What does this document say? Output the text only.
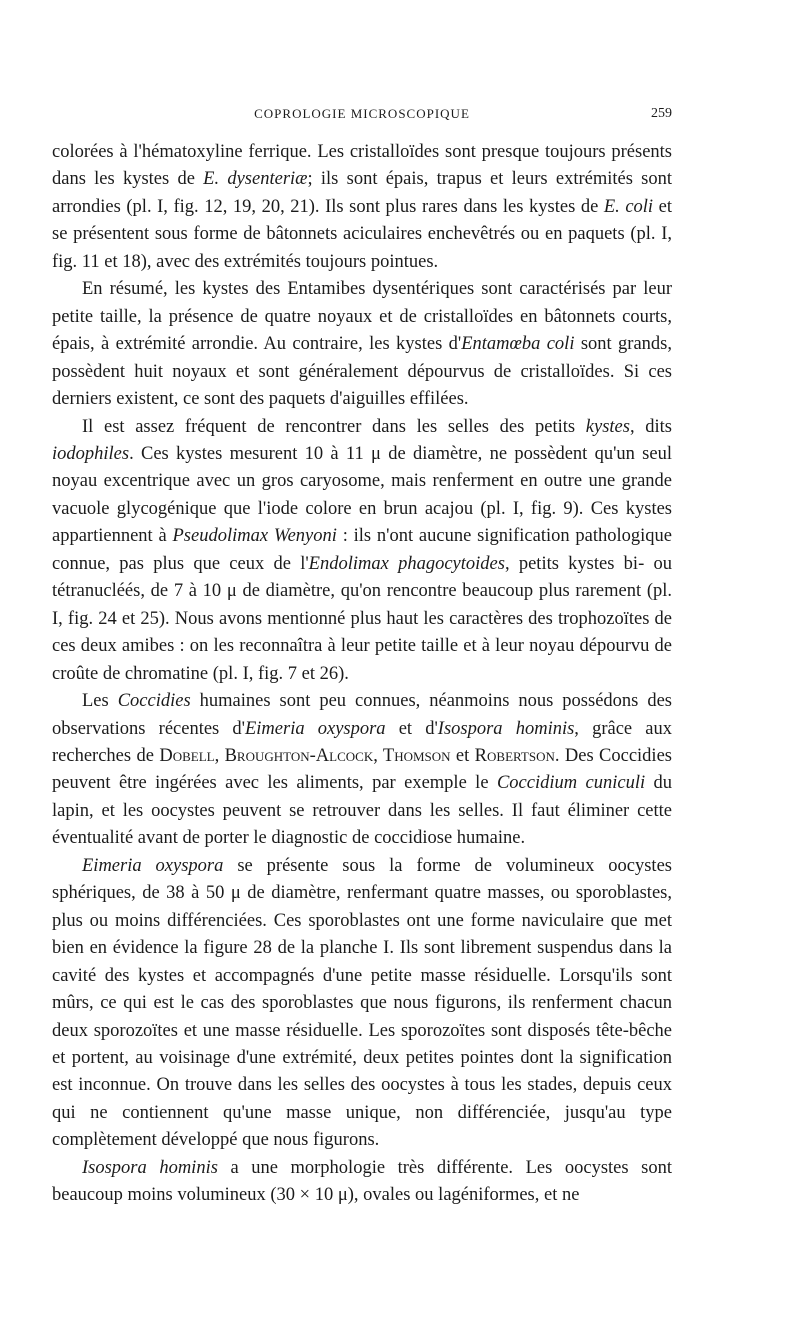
COPROLOGIE MICROSCOPIQUE	259

colorées à l'hématoxyline ferrique. Les cristalloïdes sont presque toujours présents dans les kystes de E. dysenteriæ; ils sont épais, trapus et leurs extrémités sont arrondies (pl. I, fig. 12, 19, 20, 21). Ils sont plus rares dans les kystes de E. coli et se présentent sous forme de bâtonnets aciculaires enchevêtrés ou en paquets (pl. I, fig. 11 et 18), avec des extrémités toujours pointues.

En résumé, les kystes des Entamibes dysentériques sont caractérisés par leur petite taille, la présence de quatre noyaux et de cristalloïdes en bâtonnets courts, épais, à extrémité arrondie. Au contraire, les kystes d'Entamœba coli sont grands, possèdent huit noyaux et sont généralement dépourvus de cristalloïdes. Si ces derniers existent, ce sont des paquets d'aiguilles effilées.

Il est assez fréquent de rencontrer dans les selles des petits kystes, dits iodophiles. Ces kystes mesurent 10 à 11 μ de diamètre, ne possèdent qu'un seul noyau excentrique avec un gros caryosome, mais renferment en outre une grande vacuole glycogénique que l'iode colore en brun acajou (pl. I, fig. 9). Ces kystes appartiennent à Pseudolimax Wenyoni : ils n'ont aucune signification pathologique connue, pas plus que ceux de l'Endolimax phagocytoides, petits kystes bi- ou tétranucléés, de 7 à 10 μ de diamètre, qu'on rencontre beaucoup plus rarement (pl. I, fig. 24 et 25). Nous avons mentionné plus haut les caractères des trophozoïtes de ces deux amibes : on les reconnaîtra à leur petite taille et à leur noyau dépourvu de croûte de chromatine (pl. I, fig. 7 et 26).

Les Coccidies humaines sont peu connues, néanmoins nous possédons des observations récentes d'Eimeria oxyspora et d'Isospora hominis, grâce aux recherches de Dobell, Broughton-Alcock, Thomson et Robertson. Des Coccidies peuvent être ingérées avec les aliments, par exemple le Coccidium cuniculi du lapin, et les oocystes peuvent se retrouver dans les selles. Il faut éliminer cette éventualité avant de porter le diagnostic de coccidiose humaine.

Eimeria oxyspora se présente sous la forme de volumineux oocystes sphériques, de 38 à 50 μ de diamètre, renfermant quatre masses, ou sporoblastes, plus ou moins différenciées. Ces sporoblastes ont une forme naviculaire que met bien en évidence la figure 28 de la planche I. Ils sont librement suspendus dans la cavité des kystes et accompagnés d'une petite masse résiduelle. Lorsqu'ils sont mûrs, ce qui est le cas des sporoblastes que nous figurons, ils renferment chacun deux sporozoïtes et une masse résiduelle. Les sporozoïtes sont disposés tête-bêche et portent, au voisinage d'une extrémité, deux petites pointes dont la signification est inconnue. On trouve dans les selles des oocystes à tous les stades, depuis ceux qui ne contiennent qu'une masse unique, non différenciée, jusqu'au type complètement développé que nous figurons.

Isospora hominis a une morphologie très différente. Les oocystes sont beaucoup moins volumineux (30 × 10 μ), ovales ou lagéniformes, et ne
